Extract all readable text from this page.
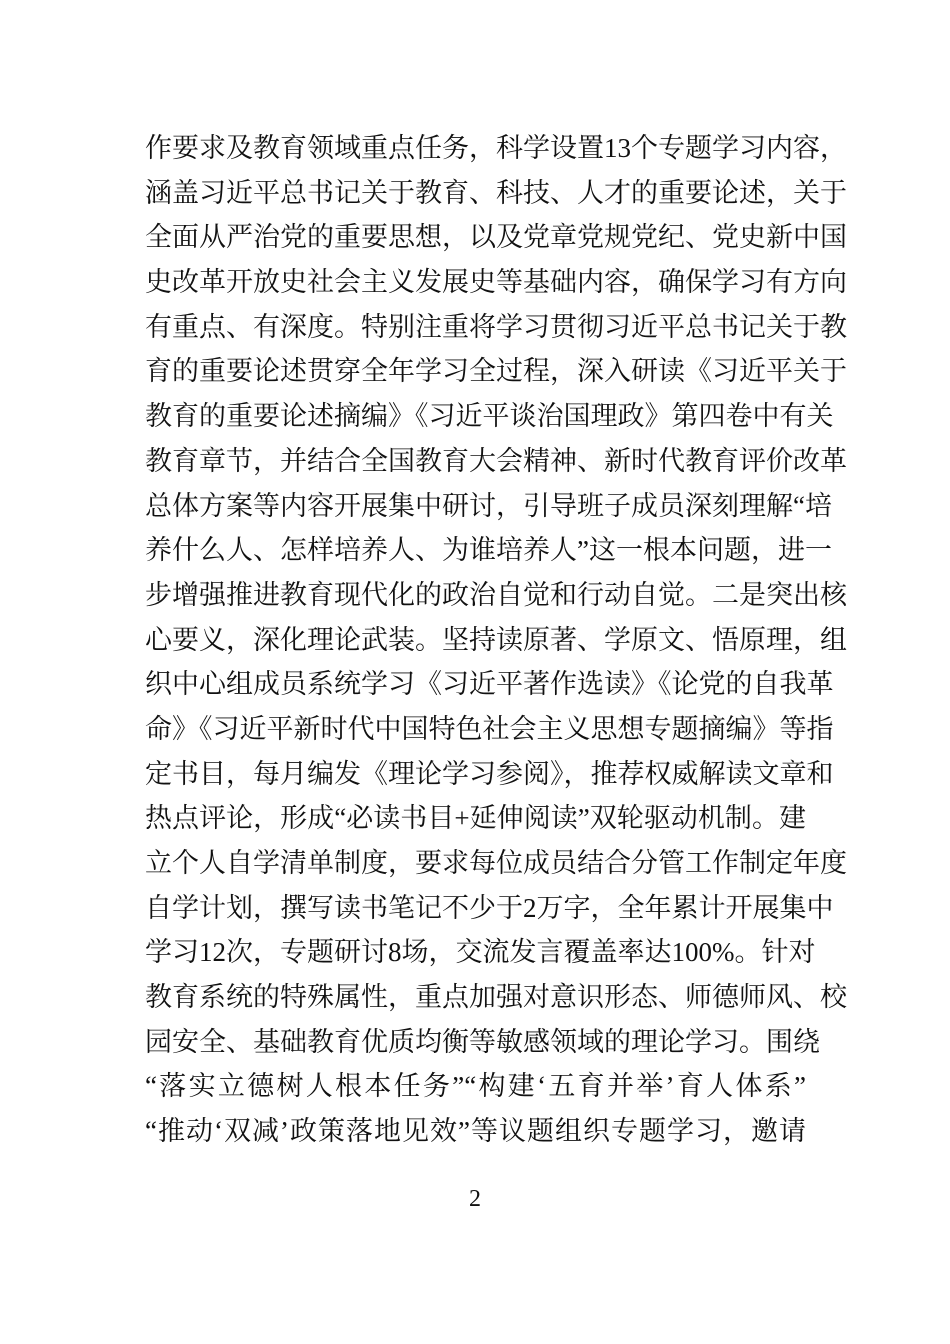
作要求及教育领域重点任务，科学设置13个专题学习内容，
涵盖习近平总书记关于教育、科技、人才的重要论述，关于
全面从严治党的重要思想，以及党章党规党纪、党史新中国
史改革开放史社会主义发展史等基础内容，确保学习有方向
有重点、有深度。特别注重将学习贯彻习近平总书记关于教
育的重要论述贯穿全年学习全过程，深入研读《习近平关于
教育的重要论述摘编》《习近平谈治国理政》第四卷中有关
教育章节，并结合全国教育大会精神、新时代教育评价改革
总体方案等内容开展集中研讨，引导班子成员深刻理解“培
养什么人、怎样培养人、为谁培养人”这一根本问题，进一
步增强推进教育现代化的政治自觉和行动自觉。二是突出核
心要义，深化理论武装。坚持读原著、学原文、悟原理，组
织中心组成员系统学习《习近平著作选读》《论党的自我革
命》《习近平新时代中国特色社会主义思想专题摘编》等指
定书目，每月编发《理论学习参阅》，推荐权威解读文章和
热点评论，形成“必读书目+延伸阅读”双轮驱动机制。建
立个人自学清单制度，要求每位成员结合分管工作制定年度
自学计划，撰写读书笔记不少于2万字，全年累计开展集中
学习12次，专题研讨8场，交流发言覆盖率达100%。针对
教育系统的特殊属性，重点加强对意识形态、师德师风、校
园安全、基础教育优质均衡等敏感领域的理论学习。围绕
“落实立德树人根本任务”“构建‘五育并举’育人体系”
“推动‘双减’政策落地见效”等议题组织专题学习，邀请
2
